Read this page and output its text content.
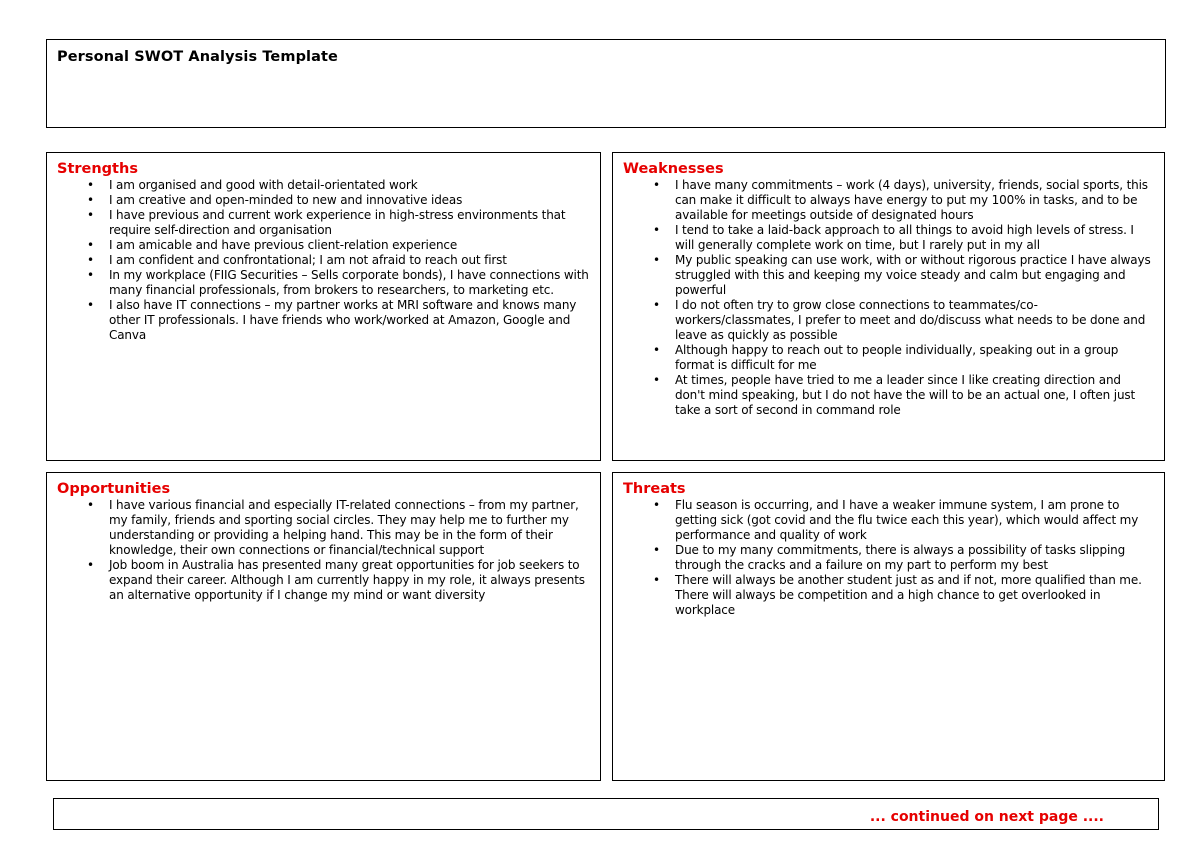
Personal SWOT Analysis Template
Strengths
• I am organised and good with detail-orientated work
• I am creative and open-minded to new and innovative ideas
• I have previous and current work experience in high-stress environments that require self-direction and organisation
• I am amicable and have previous client-relation experience
• I am confident and confrontational; I am not afraid to reach out first
• In my workplace (FIIG Securities – Sells corporate bonds), I have connections with many financial professionals, from brokers to researchers, to marketing etc.
• I also have IT connections – my partner works at MRI software and knows many other IT professionals. I have friends who work/worked at Amazon, Google and Canva
Weaknesses
• I have many commitments – work (4 days), university, friends, social sports, this can make it difficult to always have energy to put my 100% in tasks, and to be available for meetings outside of designated hours
• I tend to take a laid-back approach to all things to avoid high levels of stress. I will generally complete work on time, but I rarely put in my all
• My public speaking can use work, with or without rigorous practice I have always struggled with this and keeping my voice steady and calm but engaging and powerful
• I do not often try to grow close connections to teammates/co-workers/classmates, I prefer to meet and do/discuss what needs to be done and leave as quickly as possible
• Although happy to reach out to people individually, speaking out in a group format is difficult for me
• At times, people have tried to me a leader since I like creating direction and don't mind speaking, but I do not have the will to be an actual one, I often just take a sort of second in command role
Opportunities
• I have various financial and especially IT-related connections – from my partner, my family, friends and sporting social circles. They may help me to further my understanding or providing a helping hand. This may be in the form of their knowledge, their own connections or financial/technical support
• Job boom in Australia has presented many great opportunities for job seekers to expand their career. Although I am currently happy in my role, it always presents an alternative opportunity if I change my mind or want diversity
Threats
• Flu season is occurring, and I have a weaker immune system, I am prone to getting sick (got covid and the flu twice each this year), which would affect my performance and quality of work
• Due to my many commitments, there is always a possibility of tasks slipping through the cracks and a failure on my part to perform my best
• There will always be another student just as and if not, more qualified than me. There will always be competition and a high chance to get overlooked in workplace
... continued on next page ....
